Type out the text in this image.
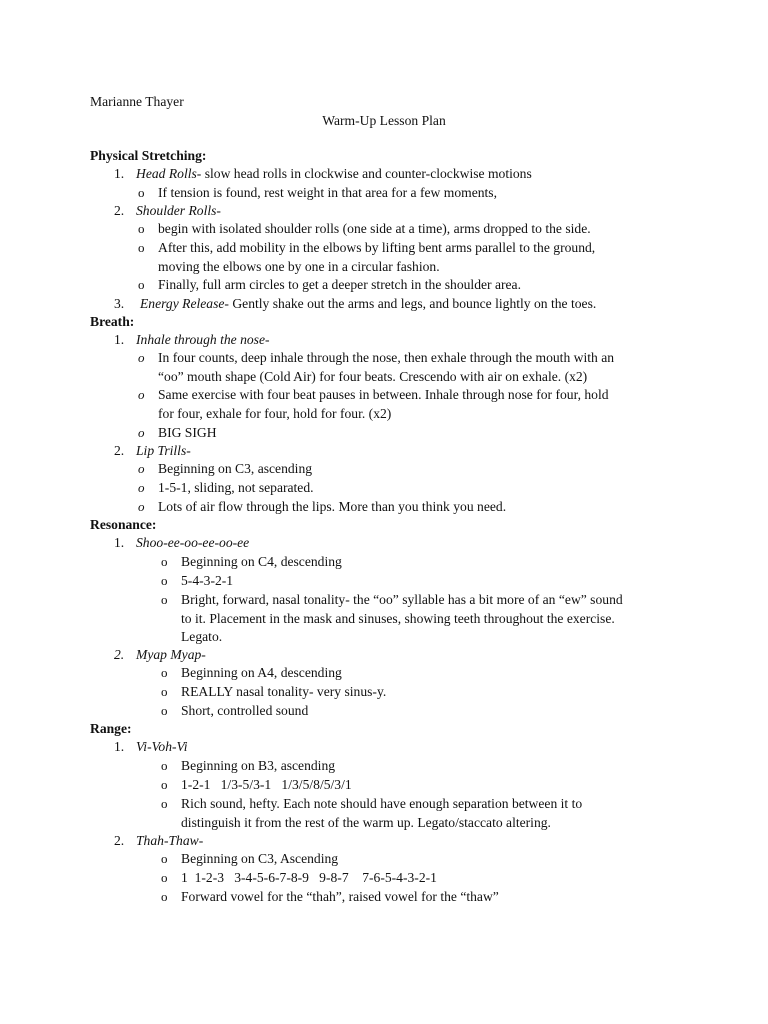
Marianne Thayer
Warm-Up Lesson Plan
Physical Stretching:
1. Head Rolls- slow head rolls in clockwise and counter-clockwise motions
o If tension is found, rest weight in that area for a few moments,
2. Shoulder Rolls-
o begin with isolated shoulder rolls (one side at a time), arms dropped to the side.
o After this, add mobility in the elbows by lifting bent arms parallel to the ground,
moving the elbows one by one in a circular fashion.
o Finally, full arm circles to get a deeper stretch in the shoulder area.
3. Energy Release- Gently shake out the arms and legs, and bounce lightly on the toes.
Breath:
1. Inhale through the nose-
o In four counts, deep inhale through the nose, then exhale through the mouth with an
“oo” mouth shape (Cold Air) for four beats. Crescendo with air on exhale. (x2)
o Same exercise with four beat pauses in between. Inhale through nose for four, hold
for four, exhale for four, hold for four. (x2)
o BIG SIGH
2. Lip Trills-
o Beginning on C3, ascending
o 1-5-1, sliding, not separated.
o Lots of air flow through the lips. More than you think you need.
Resonance:
1. Shoo-ee-oo-ee-oo-ee
o Beginning on C4, descending
o 5-4-3-2-1
o Bright, forward, nasal tonality- the “oo” syllable has a bit more of an “ew” sound
to it. Placement in the mask and sinuses, showing teeth throughout the exercise.
Legato.
2. Myap Myap-
o Beginning on A4, descending
o REALLY nasal tonality- very sinus-y.
o Short, controlled sound
Range:
1. Vi-Voh-Vi
o Beginning on B3, ascending
o 1-2-1   1/3-5/3-1   1/3/5/8/5/3/1
o Rich sound, hefty. Each note should have enough separation between it to
distinguish it from the rest of the warm up. Legato/staccato altering.
2. Thah-Thaw-
o Beginning on C3, Ascending
o 1  1-2-3   3-4-5-6-7-8-9   9-8-7    7-6-5-4-3-2-1
o Forward vowel for the “thah”, raised vowel for the “thaw”
